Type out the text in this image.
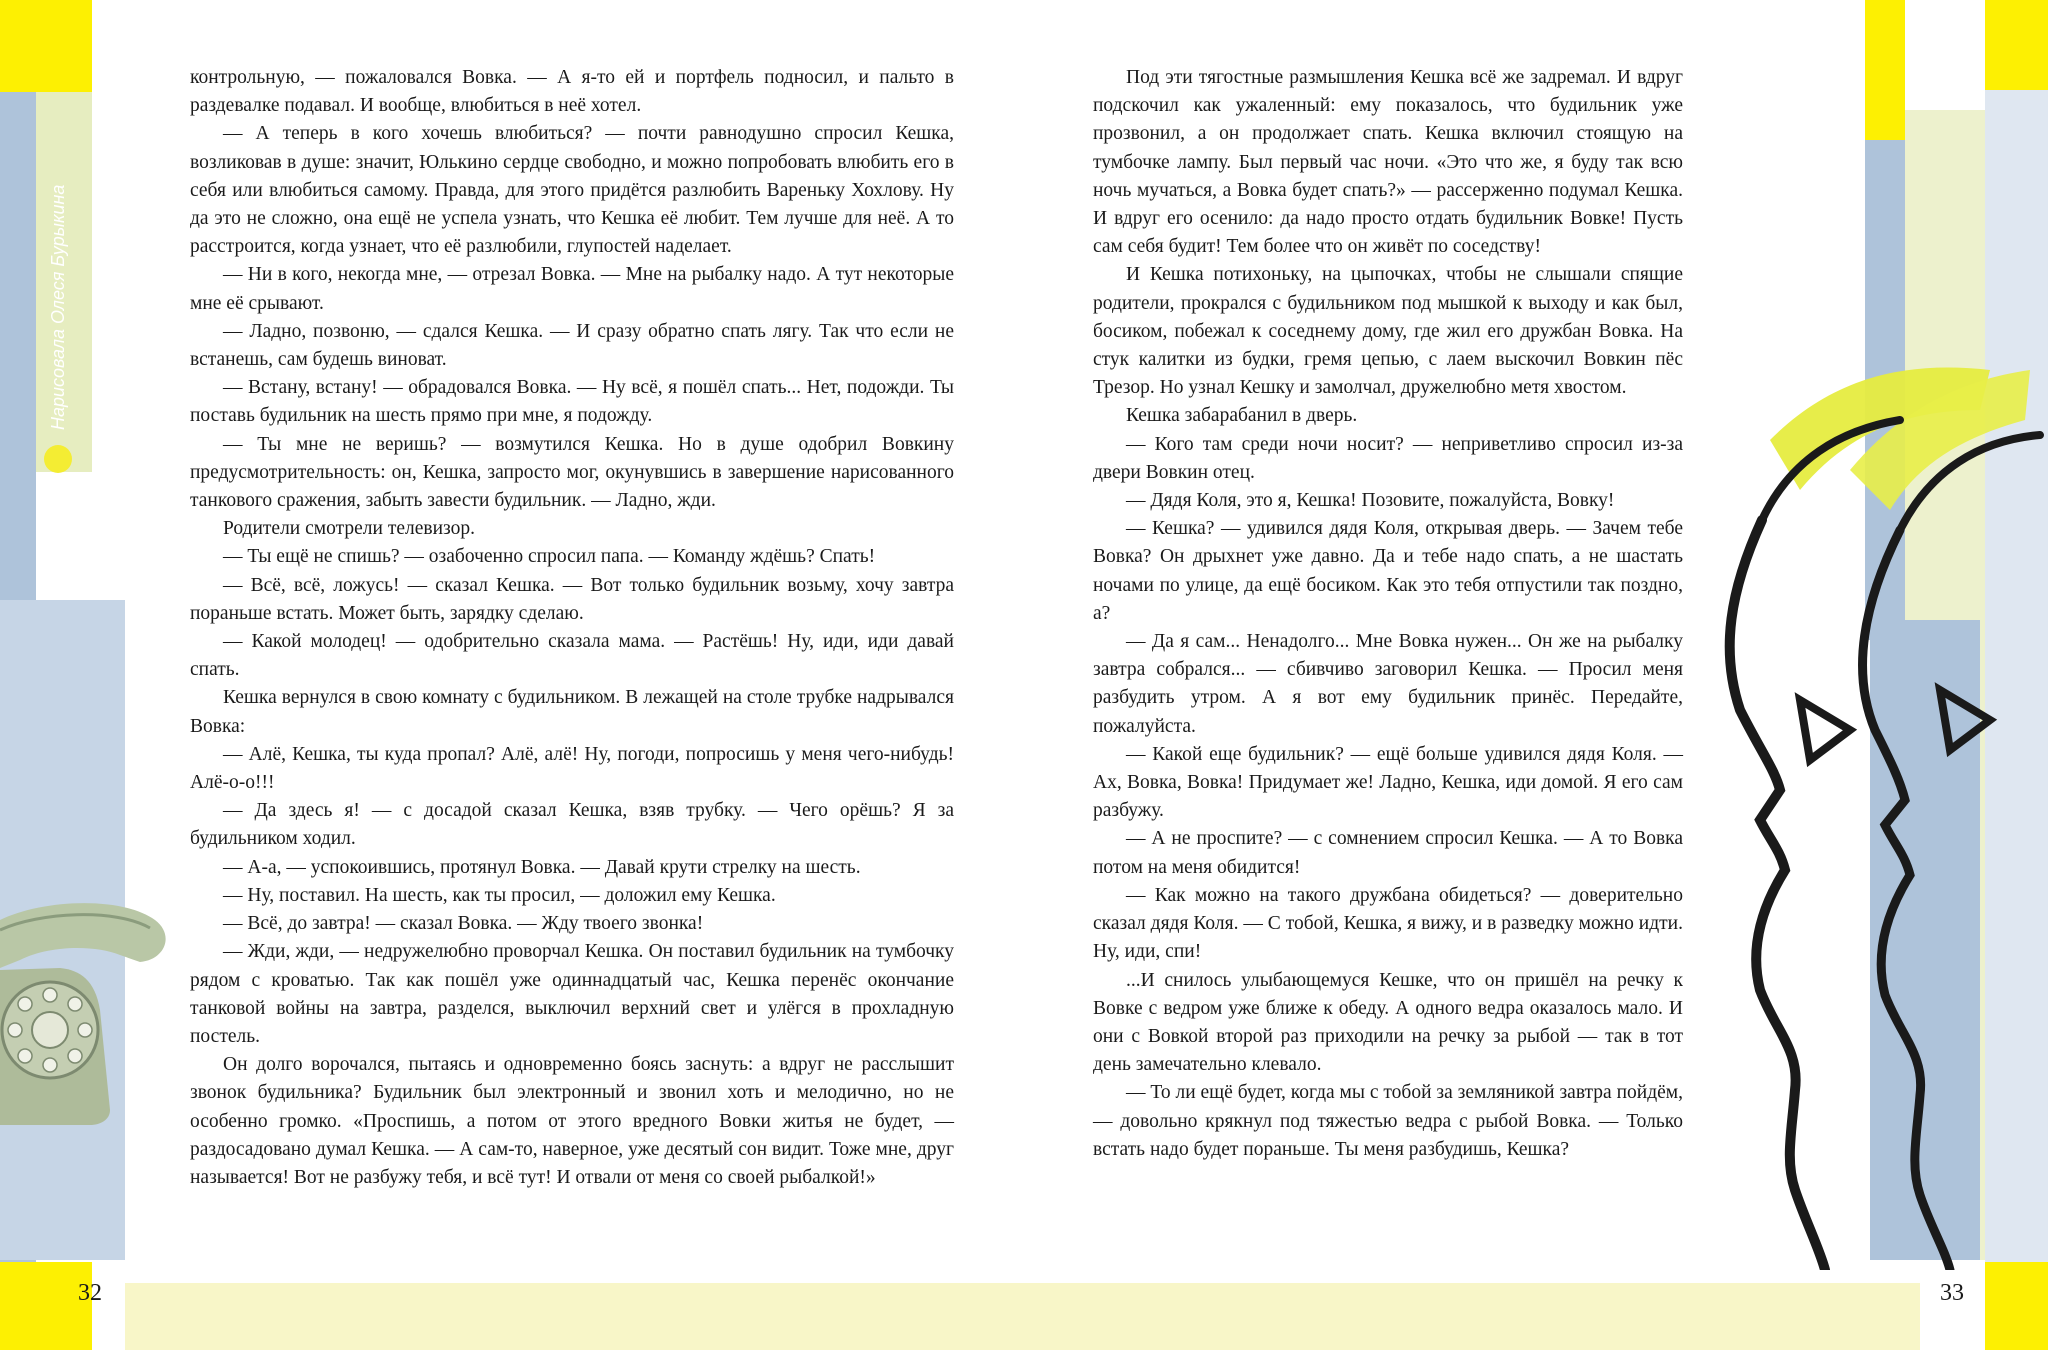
Нарисовала Олеся Бурыкина

контрольную, — пожаловался Вовка. — А я-то ей и портфель подносил, и пальто в раздевалке подавал. И вообще, влюбиться в неё хотел.

— А теперь в кого хочешь влюбиться? — почти равнодушно спросил Кешка, возликовав в душе: значит, Юлькино сердце свободно, и можно попробовать влюбить его в себя или влюбиться самому. Правда, для этого придётся разлюбить Вареньку Хохлову. Ну да это не сложно, она ещё не успела узнать, что Кешка её любит. Тем лучше для неё. А то расстроится, когда узнает, что её разлюбили, глупостей наделает.

— Ни в кого, некогда мне, — отрезал Вовка. — Мне на рыбалку надо. А тут некоторые мне её срывают.

— Ладно, позвоню, — сдался Кешка. — И сразу обратно спать лягу. Так что если не встанешь, сам будешь виноват.

— Встану, встану! — обрадовался Вовка. — Ну всё, я пошёл спать... Нет, подожди. Ты поставь будильник на шесть прямо при мне, я подожду.

— Ты мне не веришь? — возмутился Кешка. Но в душе одобрил Вовкину предусмотрительность: он, Кешка, запросто мог, окунувшись в завершение нарисованного танкового сражения, забыть завести будильник. — Ладно, жди.

Родители смотрели телевизор.

— Ты ещё не спишь? — озабоченно спросил папа. — Команду ждёшь? Спать!

— Всё, всё, ложусь! — сказал Кешка. — Вот только будильник возьму, хочу завтра пораньше встать. Может быть, зарядку сделаю.

— Какой молодец! — одобрительно сказала мама. — Растёшь! Ну, иди, иди давай спать.

Кешка вернулся в свою комнату с будильником. В лежащей на столе трубке надрывался Вовка:

— Алё, Кешка, ты куда пропал? Алё, алё! Ну, погоди, попросишь у меня чего-нибудь! Алё-о-о!!!

— Да здесь я! — с досадой сказал Кешка, взяв трубку. — Чего орёшь? Я за будильником ходил.

— А-а, — успокоившись, протянул Вовка. — Давай крути стрелку на шесть.

— Ну, поставил. На шесть, как ты просил, — доложил ему Кешка.

— Всё, до завтра! — сказал Вовка. — Жду твоего звонка!

— Жди, жди, — недружелюбно проворчал Кешка. Он поставил будильник на тумбочку рядом с кроватью. Так как пошёл уже одиннадцатый час, Кешка перенёс окончание танковой войны на завтра, разделся, выключил верхний свет и улёгся в прохладную постель.

Он долго ворочался, пытаясь и одновременно боясь заснуть: а вдруг не расслышит звонок будильника? Будильник был электронный и звонил хоть и мелодично, но не особенно громко. «Проспишь, а потом от этого вредного Вовки житья не будет, — раздосадовано думал Кешка. — А сам-то, наверное, уже десятый сон видит. Тоже мне, друг называется! Вот не разбужу тебя, и всё тут! И отвали от меня со своей рыбалкой!»

Под эти тягостные размышления Кешка всё же задремал. И вдруг подскочил как ужаленный: ему показалось, что будильник уже прозвонил, а он продолжает спать. Кешка включил стоящую на тумбочке лампу. Был первый час ночи. «Это что же, я буду так всю ночь мучаться, а Вовка будет спать?» — рассерженно подумал Кешка. И вдруг его осенило: да надо просто отдать будильник Вовке! Пусть сам себя будит! Тем более что он живёт по соседству!

И Кешка потихоньку, на цыпочках, чтобы не слышали спящие родители, прокрался с будильником под мышкой к выходу и как был, босиком, побежал к соседнему дому, где жил его дружбан Вовка. На стук калитки из будки, гремя цепью, с лаем выскочил Вовкин пёс Трезор. Но узнал Кешку и замолчал, дружелюбно метя хвостом.

Кешка забарабанил в дверь.

— Кого там среди ночи носит? — неприветливо спросил из-за двери Вовкин отец.

— Дядя Коля, это я, Кешка! Позовите, пожалуйста, Вовку!

— Кешка? — удивился дядя Коля, открывая дверь. — Зачем тебе Вовка? Он дрыхнет уже давно. Да и тебе надо спать, а не шастать ночами по улице, да ещё босиком. Как это тебя отпустили так поздно, а?

— Да я сам... Ненадолго... Мне Вовка нужен... Он же на рыбалку завтра собрался... — сбивчиво заговорил Кешка. — Просил меня разбудить утром. А я вот ему будильник принёс. Передайте, пожалуйста.

— Какой еще будильник? — ещё больше удивился дядя Коля. — Ах, Вовка, Вовка! Придумает же! Ладно, Кешка, иди домой. Я его сам разбужу.

— А не проспите? — с сомнением спросил Кешка. — А то Вовка потом на меня обидится!

— Как можно на такого дружбана обидеться? — доверительно сказал дядя Коля. — С тобой, Кешка, я вижу, и в разведку можно идти. Ну, иди, спи!

...И снилось улыбающемуся Кешке, что он пришёл на речку к Вовке с ведром уже ближе к обеду. А одного ведра оказалось мало. И они с Вовкой второй раз приходили на речку за рыбой — так в тот день замечательно клевало.

— То ли ещё будет, когда мы с тобой за земляникой завтра пойдём, — довольно крякнул под тяжестью ведра с рыбой Вовка. — Только встать надо будет пораньше. Ты меня разбудишь, Кешка?

32	33
